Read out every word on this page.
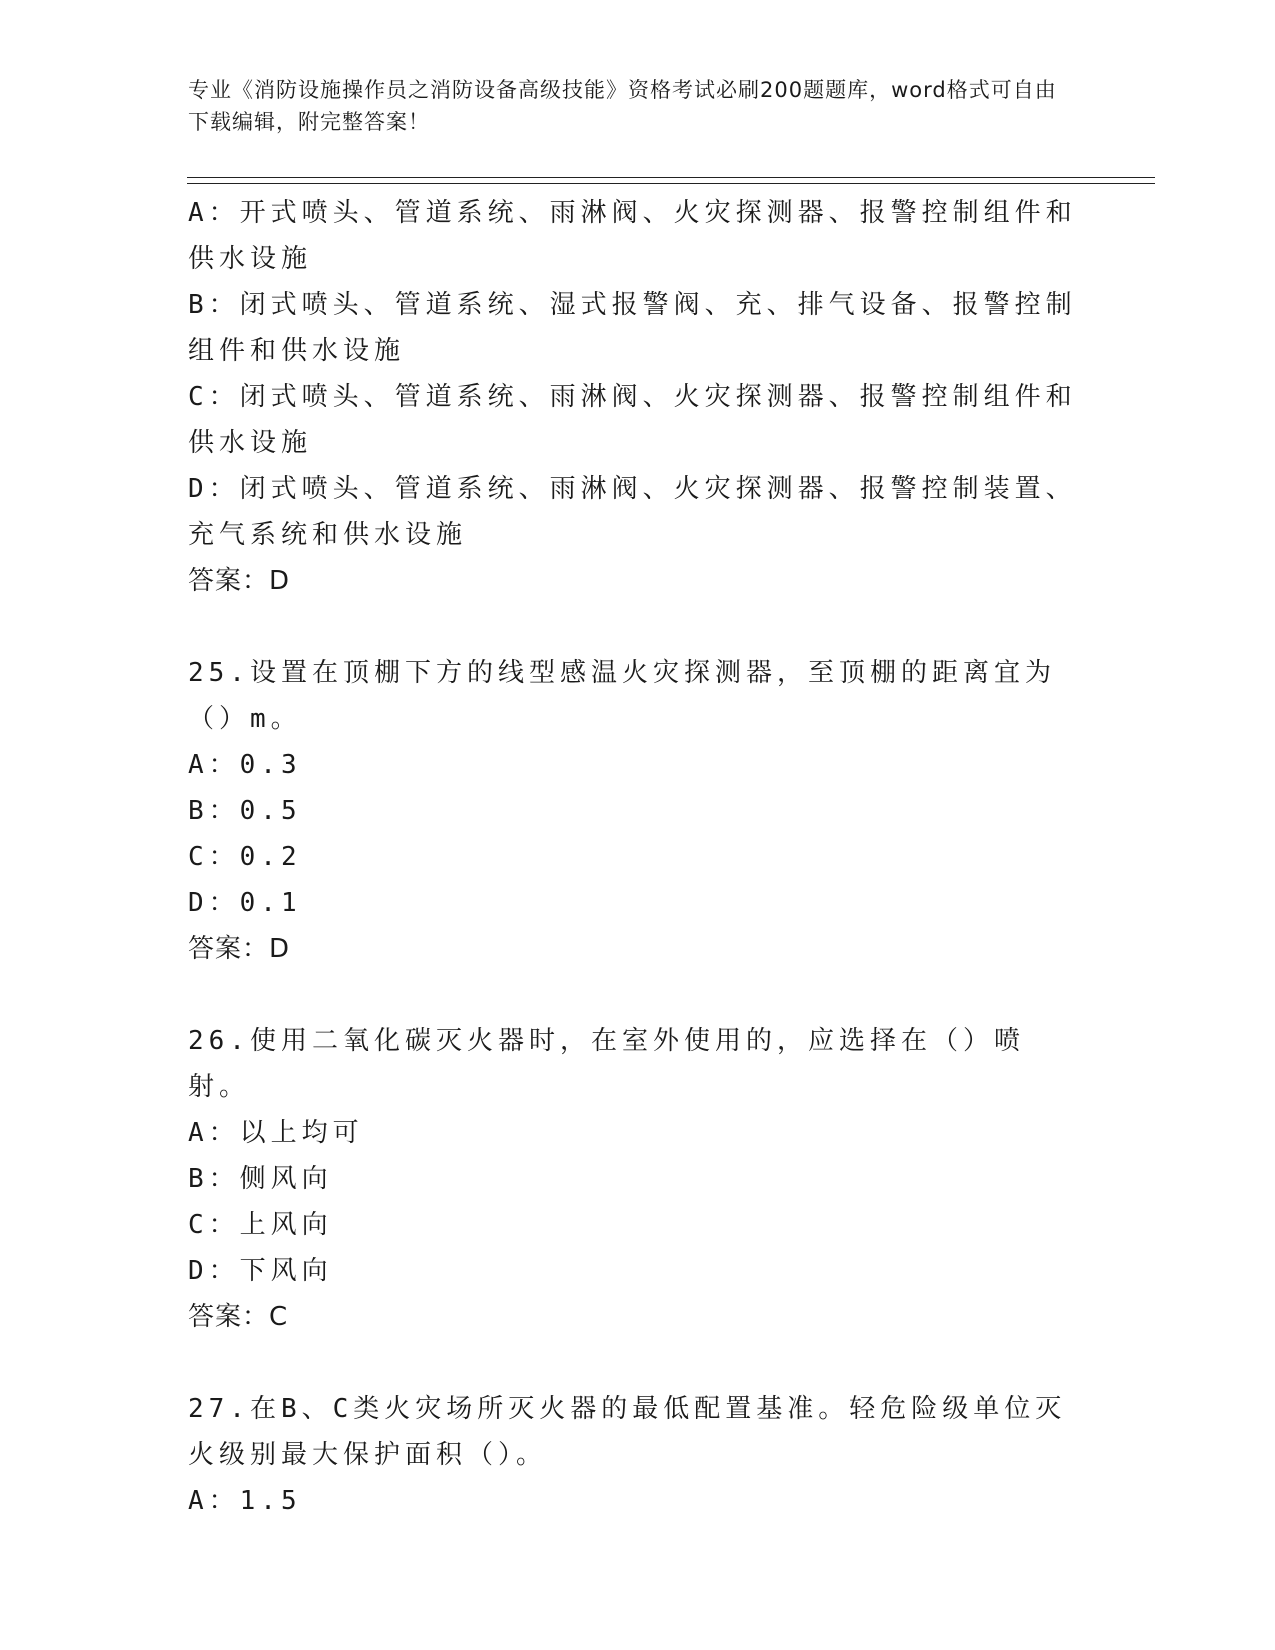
专业《消防设施操作员之消防设备高级技能》资格考试必刷200题题库，word格式可自由下载编辑，附完整答案！
A：开式喷头、管道系统、雨淋阀、火灾探测器、报警控制组件和供水设施
B：闭式喷头、管道系统、湿式报警阀、充、排气设备、报警控制组件和供水设施
C：闭式喷头、管道系统、雨淋阀、火灾探测器、报警控制组件和供水设施
D：闭式喷头、管道系统、雨淋阀、火灾探测器、报警控制装置、充气系统和供水设施
答案：D
25.设置在顶棚下方的线型感温火灾探测器，至顶棚的距离宜为（）m。
A：0.3
B：0.5
C：0.2
D：0.1
答案：D
26.使用二氧化碳灭火器时，在室外使用的，应选择在（）喷射。
A：以上均可
B：侧风向
C：上风向
D：下风向
答案：C
27.在B、C类火灾场所灭火器的最低配置基准。轻危险级单位灭火级别最大保护面积（）。
A：1.5
